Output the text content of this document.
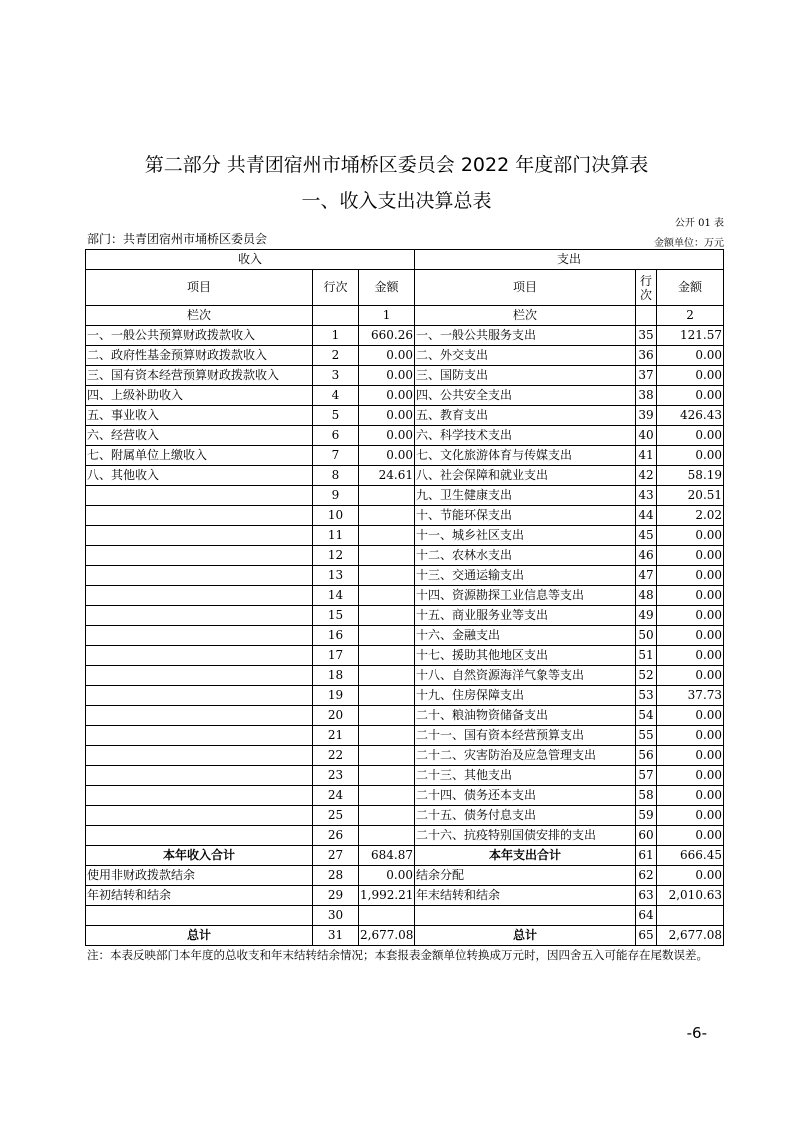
第二部分 共青团宿州市埇桥区委员会 2022 年度部门决算表
一、收入支出决算总表
公开 01 表
部门：共青团宿州市埇桥区委员会	金额单位：万元
收入			支出		
项目	行次	金额	项目	行 次	金额
栏次		1	栏次		2
一、一般公共预算财政拨款收入	1	660.26	一、一般公共服务支出	35	121.57
二、政府性基金预算财政拨款收入	2	0.00	二、外交支出	36	0.00
三、国有资本经营预算财政拨款收入	3	0.00	三、国防支出	37	0.00
四、上级补助收入	4	0.00	四、公共安全支出	38	0.00
五、事业收入	5	0.00	五、教育支出	39	426.43
六、经营收入	6	0.00	六、科学技术支出	40	0.00
七、附属单位上缴收入	7	0.00	七、文化旅游体育与传媒支出	41	0.00
八、其他收入	8	24.61	八、社会保障和就业支出	42	58.19
	9		九、卫生健康支出	43	20.51
	10		十、节能环保支出	44	2.02
	11		十一、城乡社区支出	45	0.00
	12		十二、农林水支出	46	0.00
	13		十三、交通运输支出	47	0.00
	14		十四、资源勘探工业信息等支出	48	0.00
	15		十五、商业服务业等支出	49	0.00
	16		十六、金融支出	50	0.00
	17		十七、援助其他地区支出	51	0.00
	18		十八、自然资源海洋气象等支出	52	0.00
	19		十九、住房保障支出	53	37.73
	20		二十、粮油物资储备支出	54	0.00
	21		二十一、国有资本经营预算支出	55	0.00
	22		二十二、灾害防治及应急管理支出	56	0.00
	23		二十三、其他支出	57	0.00
	24		二十四、债务还本支出	58	0.00
	25		二十五、债务付息支出	59	0.00
	26		二十六、抗疫特别国债安排的支出	60	0.00
本年收入合计	27	684.87	本年支出合计	61	666.45
使用非财政拨款结余	28	0.00	结余分配	62	0.00
年初结转和结余	29	1,992.21	年末结转和结余	63	2,010.63
	30			64	
总计	31	2,677.08	总计	65	2,677.08
注：本表反映部门本年度的总收支和年末结转结余情况；本套报表金额单位转换成万元时，因四舍五入可能存在尾数误差。
-6-
